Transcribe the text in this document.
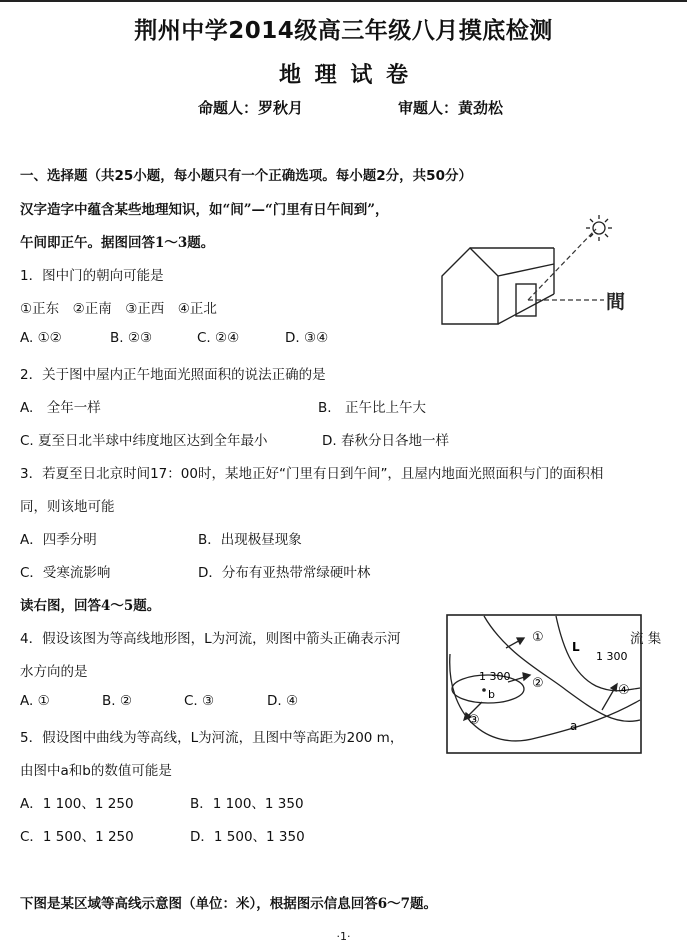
荆州中学2014级高三年级八月摸底检测
地 理 试 卷
命题人：罗秋月	审题人：黄劲松
一、选择题（共25小题，每小题只有一个正确选项。每小题2分，共50分）
汉字造字中蕴含某些地理知识，如“间”—“门里有日午间到”，
午间即正午。据图回答1～3题。
1．图中门的朝向可能是
①正东　②正南　③正西　④正北
A. ①②	B. ②③	C. ②④	D. ③④
間
2．关于图中屋内正午地面光照面积的说法正确的是
A.　全年一样	B.　正午比上午大
C. 夏至日北半球中纬度地区达到全年最小	D. 春秋分日各地一样
3．若夏至日北京时间17：00时，某地正好“门里有日到午间”，且屋内地面光照面积与门的面积相
同，则该地可能
A．四季分明	B．出现极昼现象
C．受寒流影响	D．分布有亚热带常绿硬叶林
读右图，回答4～5题。
4．假设该图为等高线地形图，L为河流，则图中箭头正确表示河	流 集
水方向的是
A. ①	B. ②	C. ③	D. ④
5．假设图中曲线为等高线，L为河流，且图中等高距为200 m，
由图中a和b的数值可能是
A．1 100、1 250	B．1 100、1 350
C．1 500、1 250	D．1 500、1 350
①
②
③
④
L
1 300
1 300
b
a
下图是某区域等高线示意图（单位：米），根据图示信息回答6～7题。
·1·
